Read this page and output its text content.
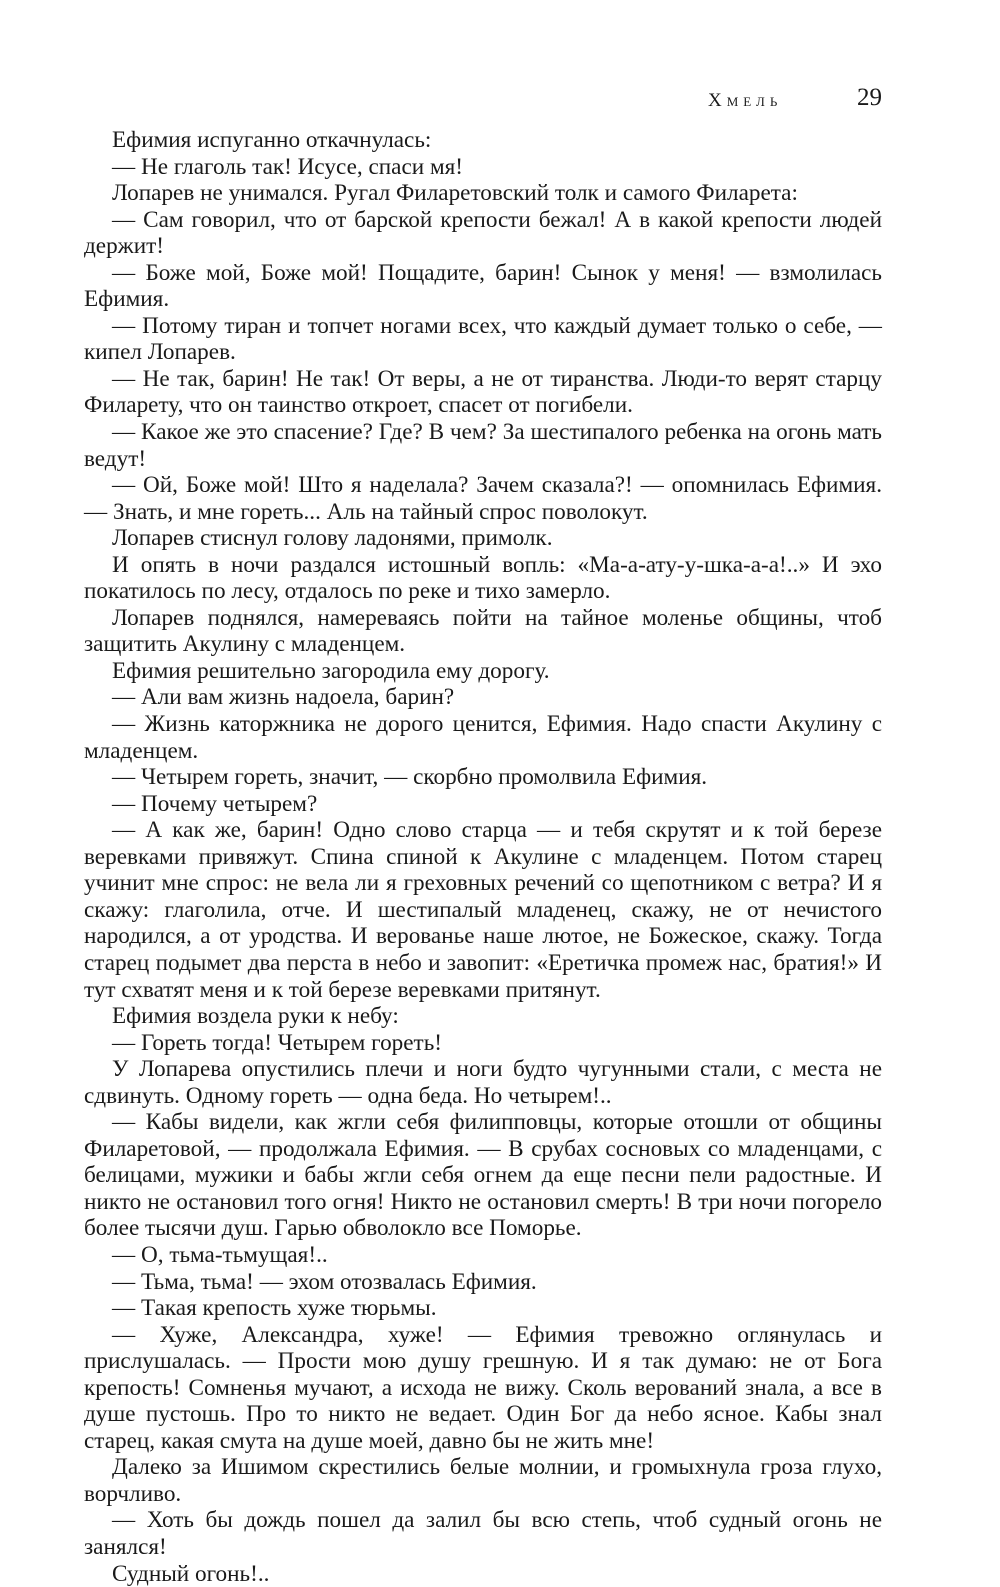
Хмель	29

Ефимия испуганно откачнулась:

— Не глаголь так! Исусе, спаси мя!

Лопарев не унимался. Ругал Филаретовский толк и самого Филарета:

— Сам говорил, что от барской крепости бежал! А в какой крепости людей держит!

— Боже мой, Боже мой! Пощадите, барин! Сынок у меня! — взмолилась Ефимия.

— Потому тиран и топчет ногами всех, что каждый думает только о себе, — кипел Лопарев.

— Не так, барин! Не так! От веры, а не от тиранства. Люди-то верят старцу Филарету, что он таинство откроет, спасет от погибели.

— Какое же это спасение? Где? В чем? За шестипалого ребенка на огонь мать ведут!

— Ой, Боже мой! Што я наделала? Зачем сказала?! — опомнилась Ефимия. — Знать, и мне гореть... Аль на тайный спрос поволокут.

Лопарев стиснул голову ладонями, примолк.

И опять в ночи раздался истошный вопль: «Ма-а-ату-у-шка-а-а!..» И эхо покатилось по лесу, отдалось по реке и тихо замерло.

Лопарев поднялся, намереваясь пойти на тайное моленье общины, чтоб защитить Акулину с младенцем.

Ефимия решительно загородила ему дорогу.

— Али вам жизнь надоела, барин?

— Жизнь каторжника не дорого ценится, Ефимия. Надо спасти Акулину с младенцем.

— Четырем гореть, значит, — скорбно промолвила Ефимия.

— Почему четырем?

— А как же, барин! Одно слово старца — и тебя скрутят и к той березе веревками привяжут. Спина спиной к Акулине с младенцем. Потом старец учинит мне спрос: не вела ли я греховных речений со щепотником с ветра? И я скажу: глаголила, отче. И шестипалый младенец, скажу, не от нечистого народился, а от уродства. И верованье наше лютое, не Божеское, скажу. Тогда старец подымет два перста в небо и завопит: «Еретичка промеж нас, братия!» И тут схватят меня и к той березе веревками притянут.

Ефимия воздела руки к небу:

— Гореть тогда! Четырем гореть!

У Лопарева опустились плечи и ноги будто чугунными стали, с места не сдвинуть. Одному гореть — одна беда. Но четырем!..

— Кабы видели, как жгли себя филипповцы, которые отошли от общины Филаретовой, — продолжала Ефимия. — В срубах сосновых со младенцами, с белицами, мужики и бабы жгли себя огнем да еще песни пели радостные. И никто не остановил того огня! Никто не остановил смерть! В три ночи погорело более тысячи душ. Гарью обволокло все Поморье.

— О, тьма-тьмущая!..

— Тьма, тьма! — эхом отозвалась Ефимия.

— Такая крепость хуже тюрьмы.

— Хуже, Александра, хуже! — Ефимия тревожно оглянулась и прислушалась. — Прости мою душу грешную. И я так думаю: не от Бога крепость! Сомненья мучают, а исхода не вижу. Сколь верований знала, а все в душе пустошь. Про то никто не ведает. Один Бог да небо ясное. Кабы знал старец, какая смута на душе моей, давно бы не жить мне!

Далеко за Ишимом скрестились белые молнии, и громыхнула гроза глухо, ворчливо.

— Хоть бы дождь пошел да залил бы всю степь, чтоб судный огонь не занялся!

Судный огонь!..
